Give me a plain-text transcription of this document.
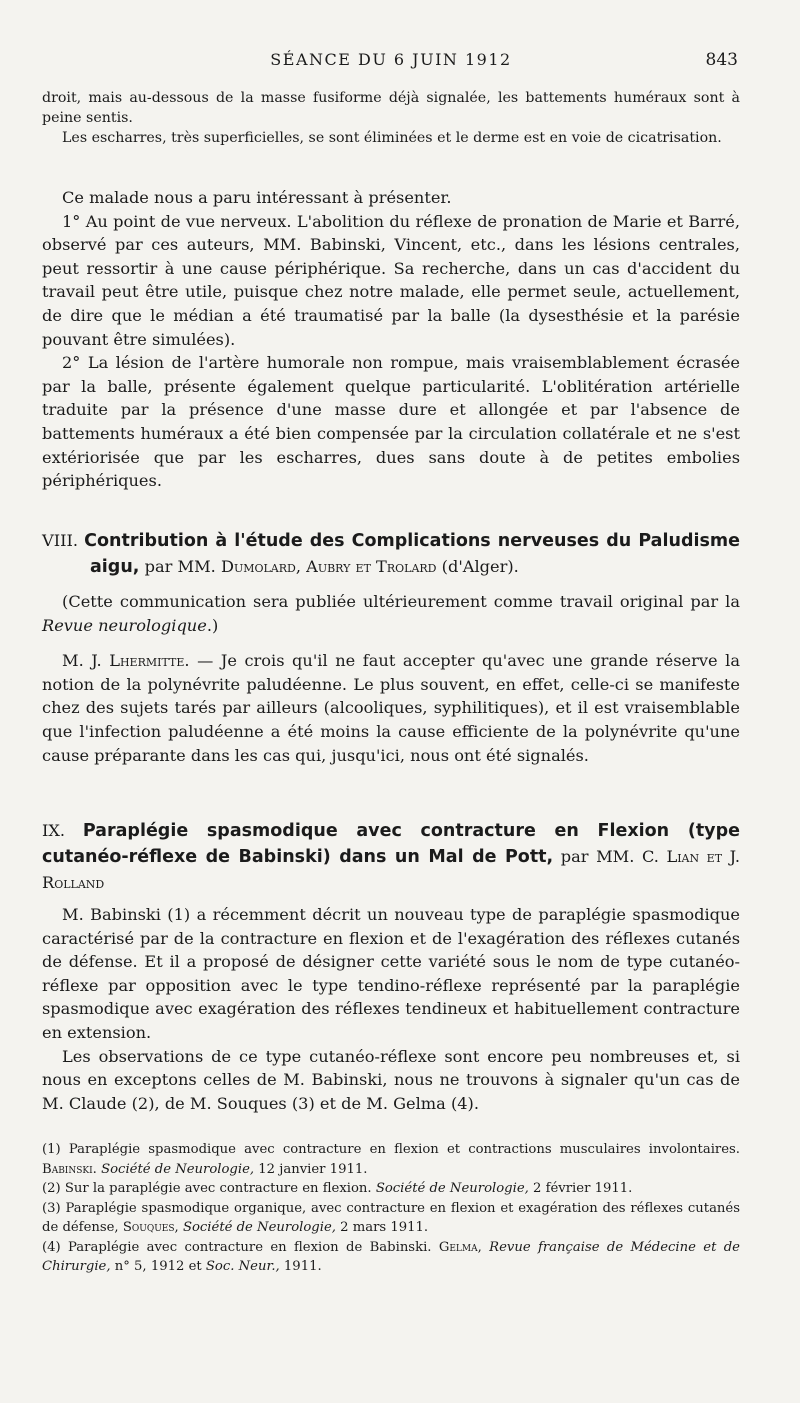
SÉANCE DU 6 JUIN 1912	843

droit, mais au-dessous de la masse fusiforme déjà signalée, les battements huméraux sont à peine sentis.

Les escharres, très superficielles, se sont éliminées et le derme est en voie de cicatrisation.

Ce malade nous a paru intéressant à présenter.

1° Au point de vue nerveux. L'abolition du réflexe de pronation de Marie et Barré, observé par ces auteurs, MM. Babinski, Vincent, etc., dans les lésions centrales, peut ressortir à une cause périphérique. Sa recherche, dans un cas d'accident du travail peut être utile, puisque chez notre malade, elle permet seule, actuellement, de dire que le médian a été traumatisé par la balle (la dysesthésie et la parésie pouvant être simulées).

2° La lésion de l'artère humorale non rompue, mais vraisemblablement écrasée par la balle, présente également quelque particularité. L'oblitération artérielle traduite par la présence d'une masse dure et allongée et par l'absence de battements huméraux a été bien compensée par la circulation collatérale et ne s'est extériorisée que par les escharres, dues sans doute à de petites embolies périphériques.

VIII. Contribution à l'étude des Complications nerveuses du Paludisme aigu, par MM. Dumolard, Aubry et Trolard (d'Alger).

(Cette communication sera publiée ultérieurement comme travail original par la Revue neurologique.)

M. J. Lhermitte. — Je crois qu'il ne faut accepter qu'avec une grande réserve la notion de la polynévrite paludéenne. Le plus souvent, en effet, celle-ci se manifeste chez des sujets tarés par ailleurs (alcooliques, syphilitiques), et il est vraisemblable que l'infection paludéenne a été moins la cause efficiente de la polynévrite qu'une cause préparante dans les cas qui, jusqu'ici, nous ont été signalés.

IX. Paraplégie spasmodique avec contracture en Flexion (type cutanéo-réflexe de Babinski) dans un Mal de Pott, par MM. C. Lian et J. Rolland

M. Babinski (1) a récemment décrit un nouveau type de paraplégie spasmodique caractérisé par de la contracture en flexion et de l'exagération des réflexes cutanés de défense. Et il a proposé de désigner cette variété sous le nom de type cutanéo-réflexe par opposition avec le type tendino-réflexe représenté par la paraplégie spasmodique avec exagération des réflexes tendineux et habituellement contracture en extension.

Les observations de ce type cutanéo-réflexe sont encore peu nombreuses et, si nous en exceptons celles de M. Babinski, nous ne trouvons à signaler qu'un cas de M. Claude (2), de M. Souques (3) et de M. Gelma (4).

(1) Paraplégie spasmodique avec contracture en flexion et contractions musculaires involontaires. Babinski. Société de Neurologie, 12 janvier 1911.

(2) Sur la paraplégie avec contracture en flexion. Société de Neurologie, 2 février 1911.

(3) Paraplégie spasmodique organique, avec contracture en flexion et exagération des réflexes cutanés de défense, Souques, Société de Neurologie, 2 mars 1911.

(4) Paraplégie avec contracture en flexion de Babinski. Gelma, Revue française de Médecine et de Chirurgie, n° 5, 1912 et Soc. Neur., 1911.
